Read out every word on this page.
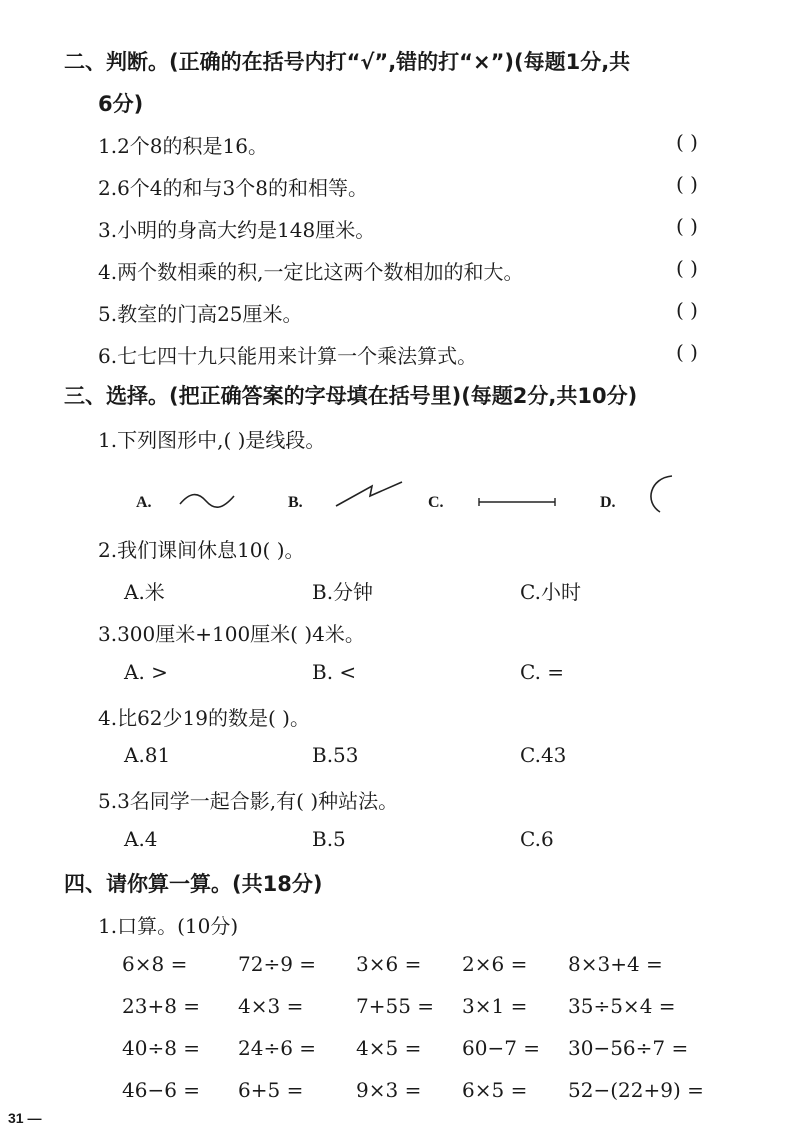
二、判断。(正确的在括号内打“√”,错的打“×”)(每题1分,共
6分)
1.2个8的积是16。	( )
2.6个4的和与3个8的和相等。	( )
3.小明的身高大约是148厘米。	( )
4.两个数相乘的积,一定比这两个数相加的和大。	( )
5.教室的门高25厘米。	( )
6.七七四十九只能用来计算一个乘法算式。	( )
三、选择。(把正确答案的字母填在括号里)(每题2分,共10分)
1.下列图形中,( )是线段。
A.	B.	C.	D.
2.我们课间休息10( )。
A.米	B.分钟	C.小时
3.300厘米+100厘米( )4米。
A. >	B. <	C. =
4.比62少19的数是( )。
A.81	B.53	C.43
5.3名同学一起合影,有( )种站法。
A.4	B.5	C.6
四、请你算一算。(共18分)
1.口算。(10分)
6×8 =	72÷9 = 3×6 = 2×6 = 8×3+4 =
23+8 = 4×3 =	7+55 = 3×1 = 35÷5×4 =
40÷8 = 24÷6 = 4×5 = 60−7 = 30−56÷7 =
46−6 = 6+5 =	9×3 = 6×5 = 52−(22+9) =
31 —
